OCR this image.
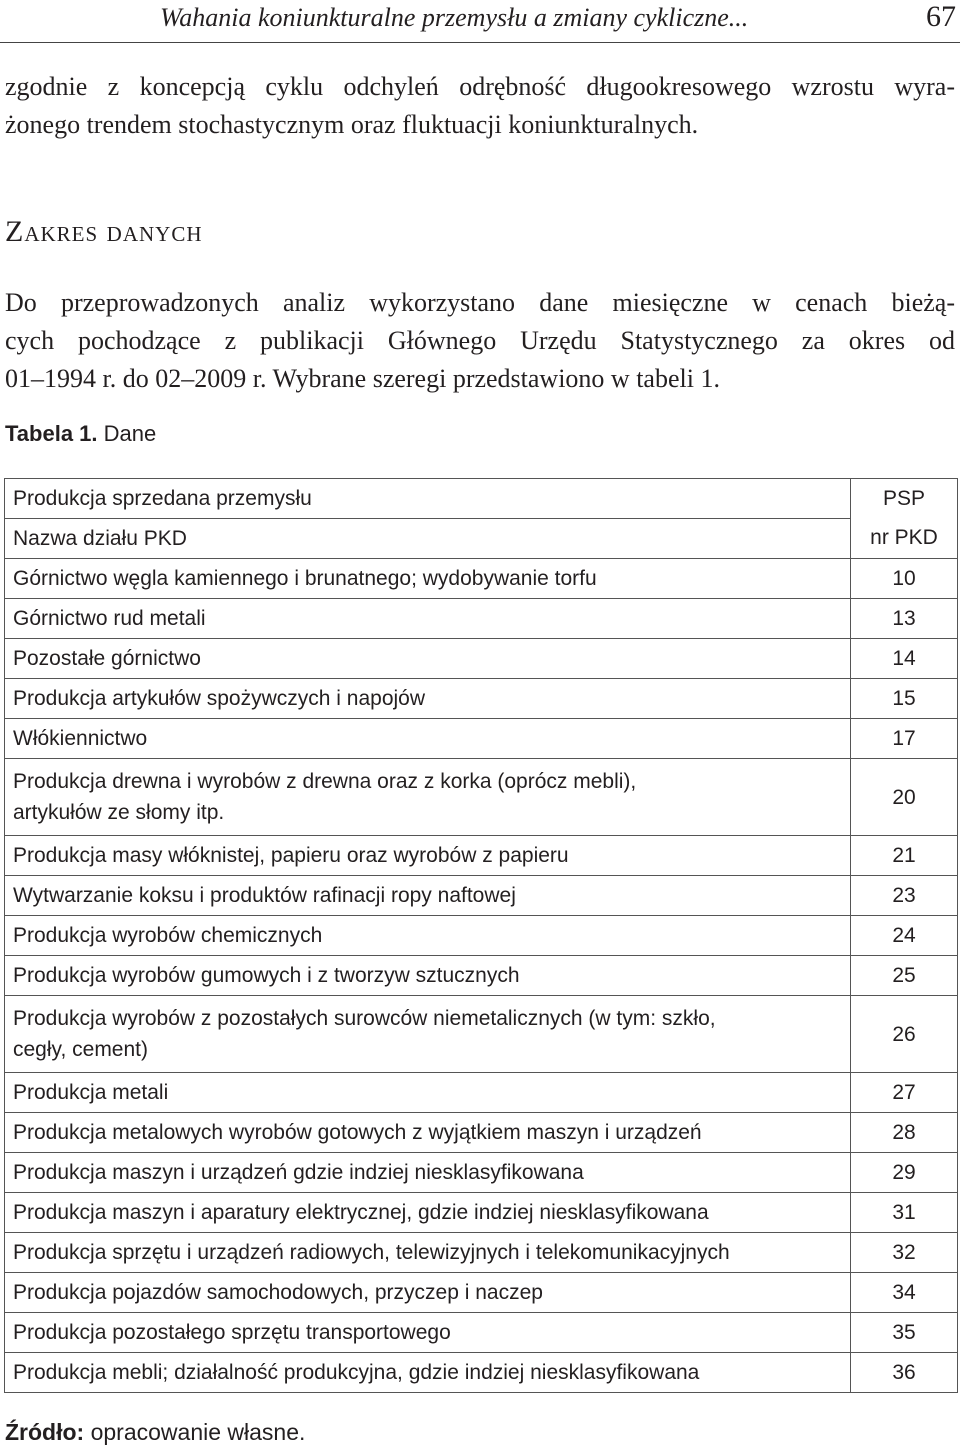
Wahania koniunkturalne przemysłu a zmiany cykliczne...	67
zgodnie z koncepcją cyklu odchyleń odrębność długookresowego wzrostu wyra-
żonego trendem stochastycznym oraz fluktuacji koniunkturalnych.
Zakres danych
Do przeprowadzonych analiz wykorzystano dane miesięczne w cenach bieżą-
cych pochodzące z publikacji Głównego Urzędu Statystycznego za okres od
01–1994 r. do 02–2009 r. Wybrane szeregi przedstawiono w tabeli 1.
Tabela 1. Dane
Produkcja sprzedana przemysłu	PSP
Nazwa działu PKD	nr PKD
Górnictwo węgla kamiennego i brunatnego; wydobywanie torfu	10
Górnictwo rud metali	13
Pozostałe górnictwo	14
Produkcja artykułów spożywczych i napojów	15
Włókiennictwo	17
Produkcja drewna i wyrobów z drewna oraz z korka (oprócz mebli),
artykułów ze słomy itp.	20
Produkcja masy włóknistej, papieru oraz wyrobów z papieru	21
Wytwarzanie koksu i produktów rafinacji ropy naftowej	23
Produkcja wyrobów chemicznych	24
Produkcja wyrobów gumowych i z tworzyw sztucznych	25
Produkcja wyrobów z pozostałych surowców niemetalicznych (w tym: szkło,
cegły, cement)	26
Produkcja metali	27
Produkcja metalowych wyrobów gotowych z wyjątkiem maszyn i urządzeń	28
Produkcja maszyn i urządzeń gdzie indziej niesklasyfikowana	29
Produkcja maszyn i aparatury elektrycznej, gdzie indziej niesklasyfikowana	31
Produkcja sprzętu i urządzeń radiowych, telewizyjnych i telekomunikacyjnych	32
Produkcja pojazdów samochodowych, przyczep i naczep	34
Produkcja pozostałego sprzętu transportowego	35
Produkcja mebli; działalność produkcyjna, gdzie indziej niesklasyfikowana	36
Źródło: opracowanie własne.
